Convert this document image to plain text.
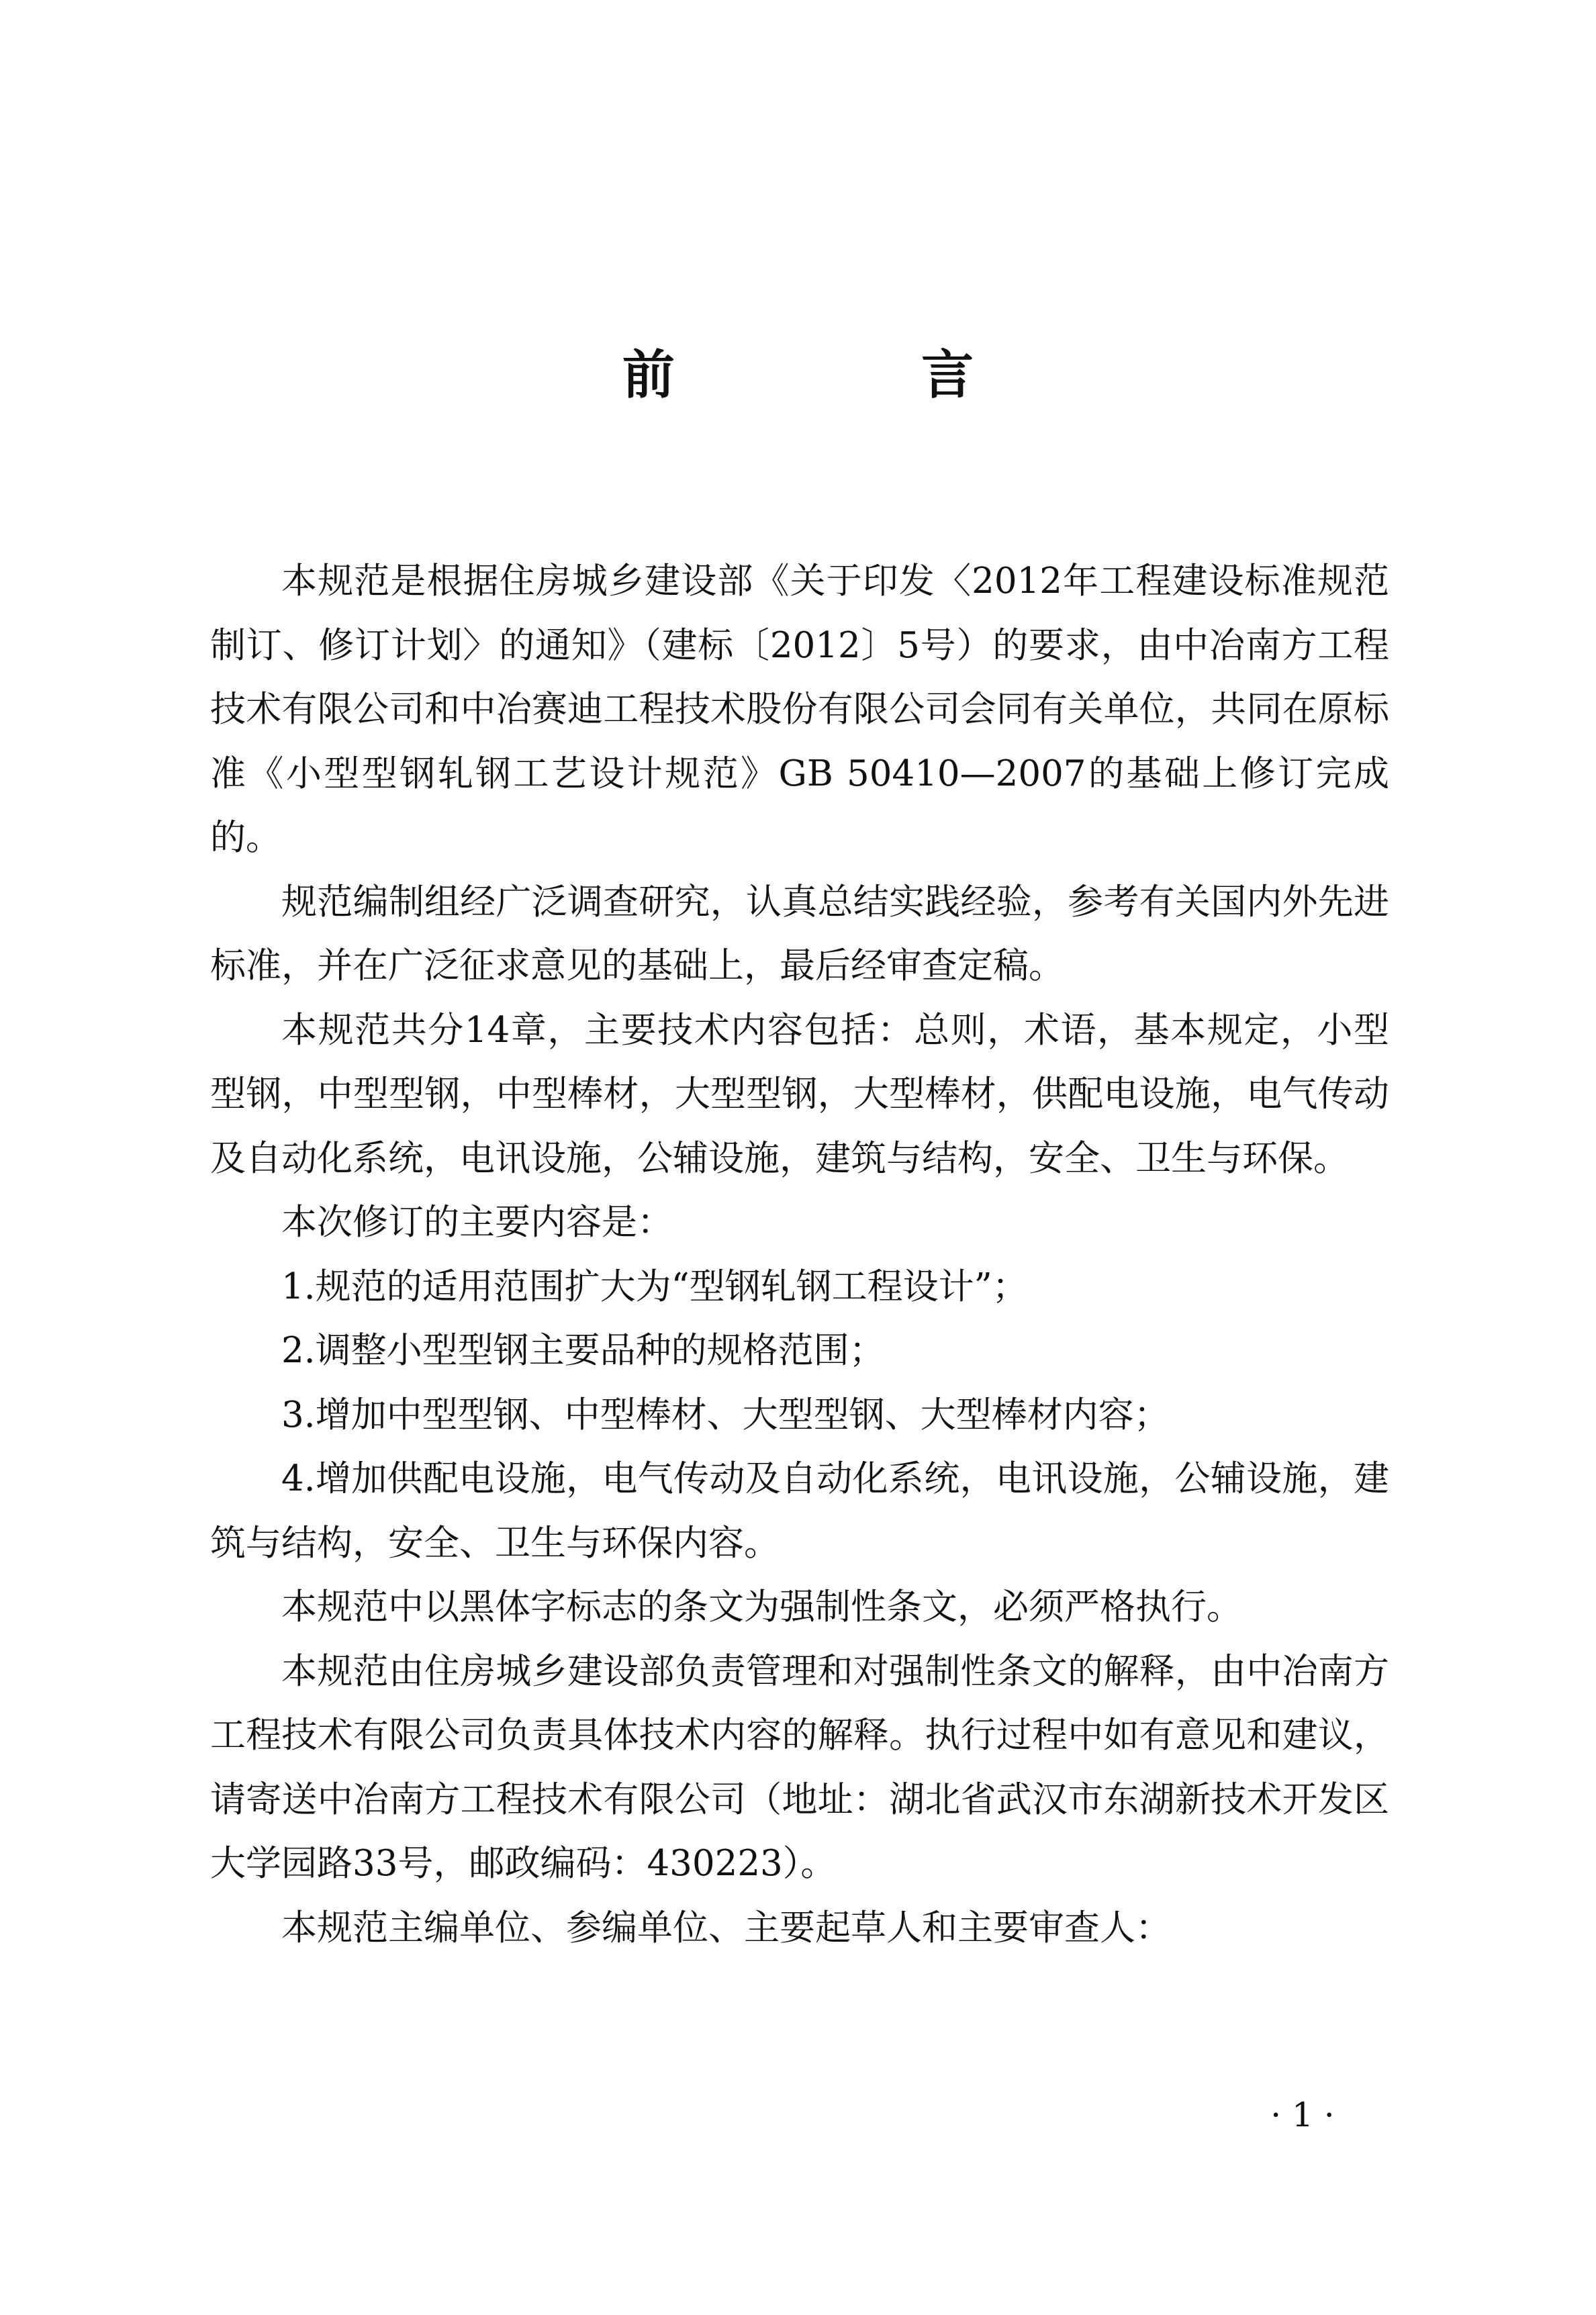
前 言

本规范是根据住房城乡建设部《关于印发〈2012年工程建设标准规范制订、修订计划〉的通知》（建标〔2012〕5号）的要求，由中冶南方工程技术有限公司和中冶赛迪工程技术股份有限公司会同有关单位，共同在原标准《小型型钢轧钢工艺设计规范》GB 50410—2007的基础上修订完成的。

规范编制组经广泛调查研究，认真总结实践经验，参考有关国内外先进标准，并在广泛征求意见的基础上，最后经审查定稿。

本规范共分14章，主要技术内容包括：总则，术语，基本规定，小型型钢，中型型钢，中型棒材，大型型钢，大型棒材，供配电设施，电气传动及自动化系统，电讯设施，公辅设施，建筑与结构，安全、卫生与环保。

本次修订的主要内容是：

1.规范的适用范围扩大为“型钢轧钢工程设计”；

2.调整小型型钢主要品种的规格范围；

3.增加中型型钢、中型棒材、大型型钢、大型棒材内容；

4.增加供配电设施，电气传动及自动化系统，电讯设施，公辅设施，建筑与结构，安全、卫生与环保内容。

本规范中以黑体字标志的条文为强制性条文，必须严格执行。

本规范由住房城乡建设部负责管理和对强制性条文的解释，由中冶南方工程技术有限公司负责具体技术内容的解释。执行过程中如有意见和建议，请寄送中冶南方工程技术有限公司（地址：湖北省武汉市东湖新技术开发区大学园路33号，邮政编码：430223）。

本规范主编单位、参编单位、主要起草人和主要审查人：

· 1 ·
